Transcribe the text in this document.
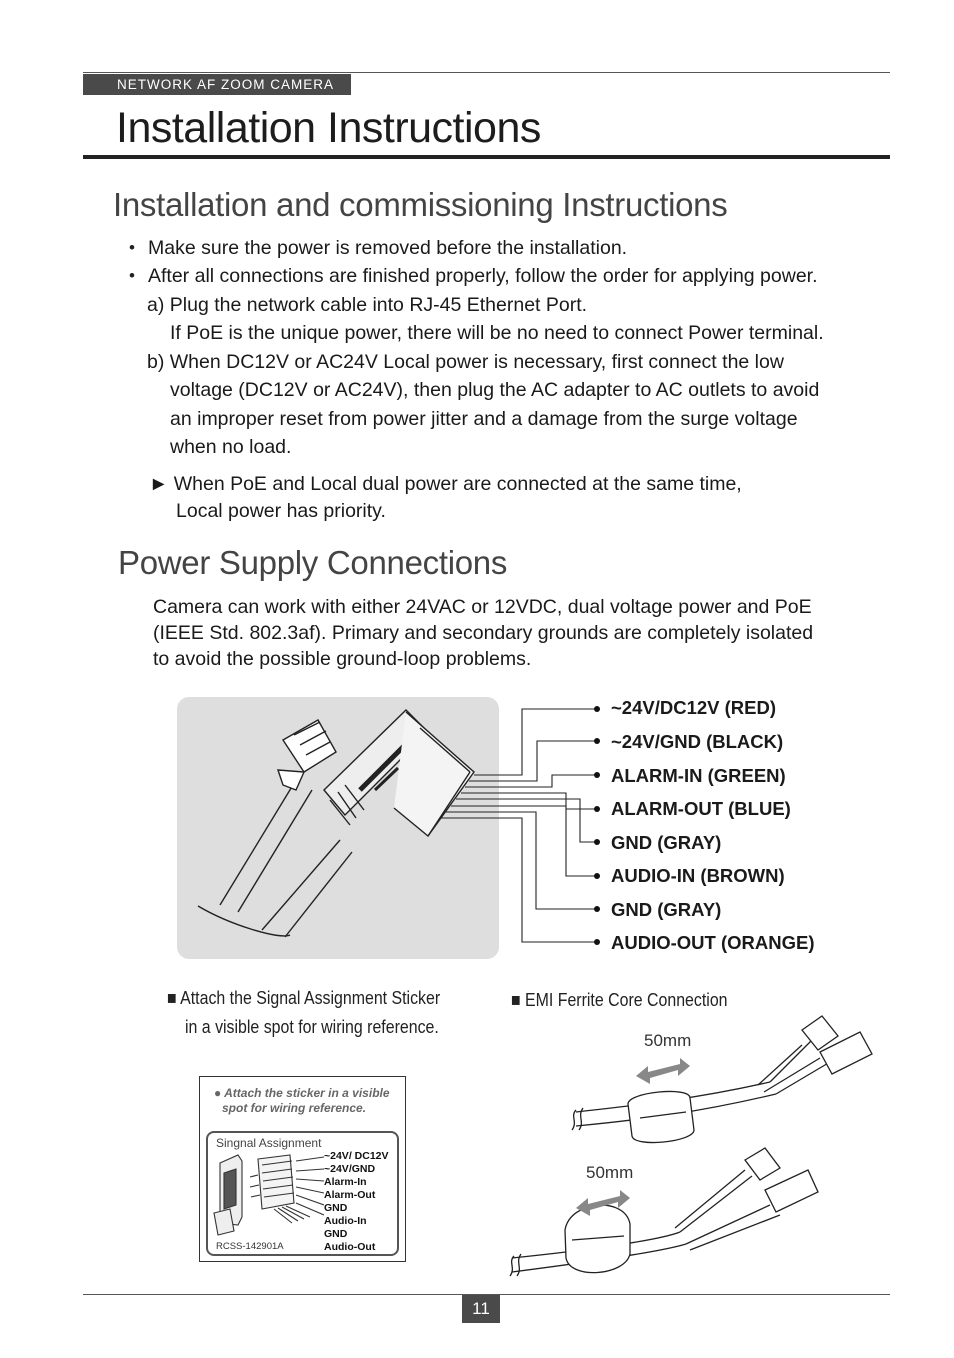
NETWORK AF ZOOM CAMERA
Installation Instructions
Installation and commissioning Instructions
• Make sure the power is removed before the installation.
• After all connections are finished properly, follow the order for applying power.
a) Plug the network cable into RJ-45 Ethernet Port.
If PoE is the unique power, there will be no need to connect Power terminal.
b) When DC12V or AC24V Local power is necessary, first connect the low
voltage (DC12V or AC24V), then plug the AC adapter to AC outlets to avoid
an improper reset from power jitter and a damage from the surge voltage
when no load.
► When PoE and Local dual power are connected at the same time,
Local power has priority.
Power Supply Connections
Camera can work with either 24VAC or 12VDC, dual voltage power and PoE
(IEEE Std. 802.3af). Primary and secondary grounds are completely isolated
to avoid the possible ground-loop problems.
~24V/DC12V (RED)
~24V/GND (BLACK)
ALARM-IN (GREEN)
ALARM-OUT (BLUE)
GND (GRAY)
AUDIO-IN (BROWN)
GND (GRAY)
AUDIO-OUT (ORANGE)
■ Attach the Signal Assignment Sticker
in a visible spot for wiring reference.
● Attach the sticker in a visible
spot for wiring reference.
Singnal Assignment
~24V/ DC12V
~24V/GND
Alarm-In
Alarm-Out
GND
Audio-In
GND
Audio-Out
RCSS-142901A
■ EMI Ferrite Core Connection
50mm
50mm
11
